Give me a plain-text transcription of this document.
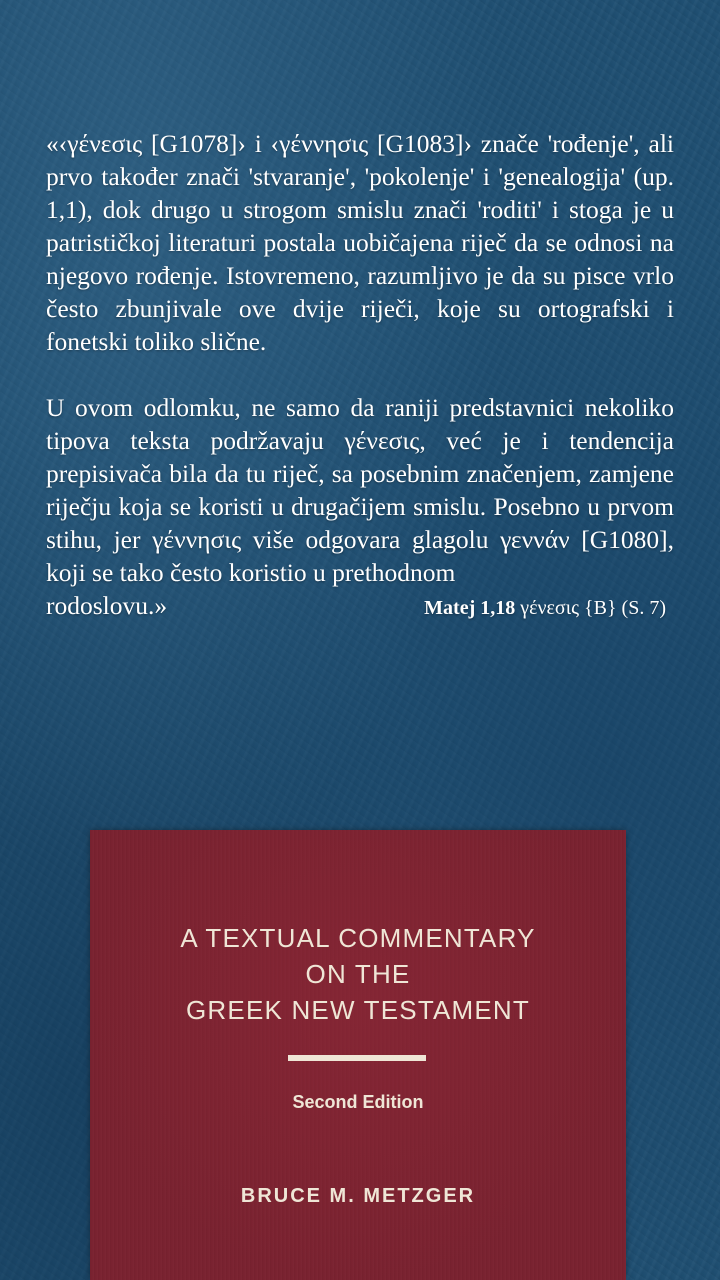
«‹γένεσις [G1078]› i ‹γέννησις [G1083]› znače 'rođenje', ali prvo također znači 'stvaranje', 'pokolenje' i 'genealogija' (up. 1,1), dok drugo u strogom smislu znači 'roditi' i stoga je u patrističkoj literaturi postala uobičajena riječ da se odnosi na njegovo rođenje. Istovremeno, razumljivo je da su pisce vrlo često zbunjivale ove dvije riječi, koje su ortografski i fonetski toliko slične.

U ovom odlomku, ne samo da raniji predstavnici nekoliko tipova teksta podržavaju γένεσις, već je i tendencija prepisivača bila da tu riječ, sa posebnim značenjem, zamjene riječju koja se koristi u drugačijem smislu. Posebno u prvom stihu, jer γέννησις više odgovara glagolu γεννάν [G1080], koji se tako često koristio u prethodnom
rodoslovu.»	Matej 1,18 γένεσις {B} (S. 7)

A TEXTUAL COMMENTARY
ON THE
GREEK NEW TESTAMENT
Second Edition
BRUCE M. METZGER
